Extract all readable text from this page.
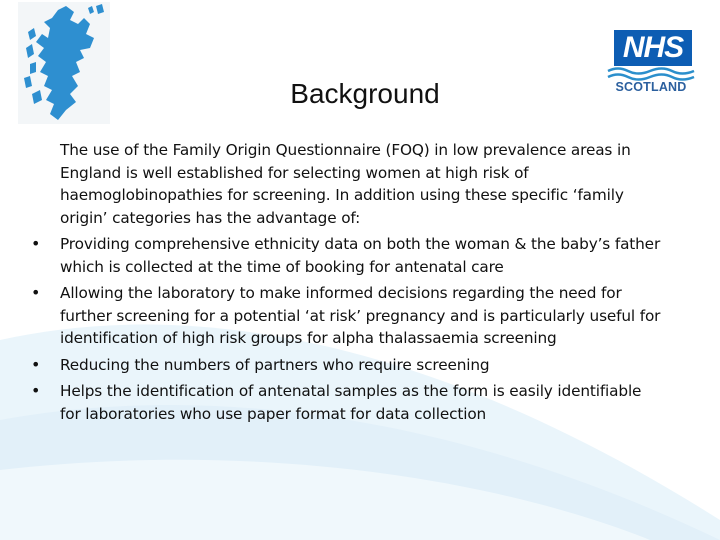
NHS
SCOTLAND
Background

The use of the Family Origin Questionnaire (FOQ) in low prevalence areas in England is well established for selecting women at high risk of haemoglobinopathies for screening. In addition using these specific ‘family origin’ categories has the advantage of:

• Providing comprehensive ethnicity data on both the woman & the baby’s father which is collected at the time of booking for antenatal care
• Allowing the laboratory to make informed decisions regarding the need for further screening for a potential ‘at risk’ pregnancy and is particularly useful for identification of high risk groups for alpha thalassaemia screening
• Reducing the numbers of partners who require screening
• Helps the identification of antenatal samples as the form is easily identifiable for laboratories who use paper format for data collection
